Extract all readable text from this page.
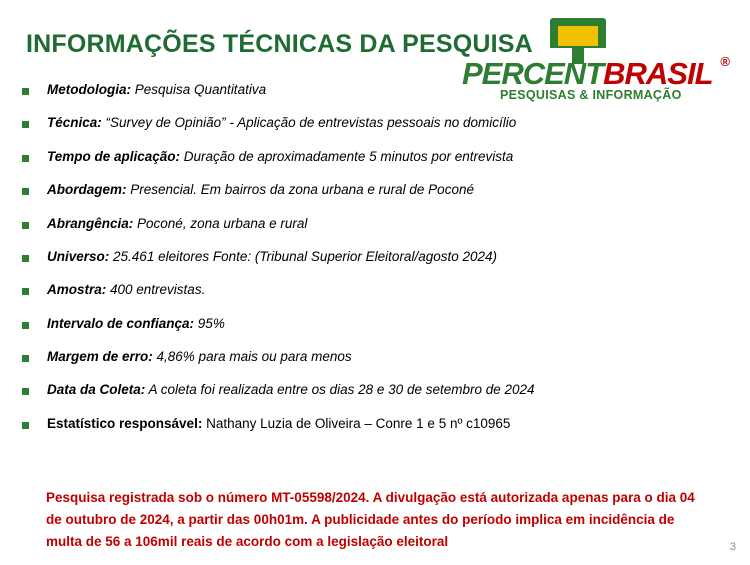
INFORMAÇÕES TÉCNICAS DA PESQUISA
PERCENTBRASIL ®
PESQUISAS & INFORMAÇÃO
Metodologia: Pesquisa Quantitativa
Técnica: “Survey de Opinião” - Aplicação de entrevistas pessoais no domicílio
Tempo de aplicação: Duração de aproximadamente 5 minutos por entrevista
Abordagem: Presencial. Em bairros da zona urbana e rural de Poconé
Abrangência: Poconé, zona urbana e rural
Universo: 25.461 eleitores Fonte: (Tribunal Superior Eleitoral/agosto 2024)
Amostra: 400 entrevistas.
Intervalo de confiança: 95%
Margem de erro: 4,86% para mais ou para menos
Data da Coleta: A coleta foi realizada entre os dias 28 e 30 de setembro de 2024
Estatístico responsável: Nathany Luzia de Oliveira – Conre 1 e 5 nº c10965
Pesquisa registrada sob o número MT-05598/2024. A divulgação está autorizada apenas para o dia 04 de outubro de 2024, a partir das 00h01m. A publicidade antes do período implica em incidência de multa de 56 a 106mil reais de acordo com a legislação eleitoral	3
